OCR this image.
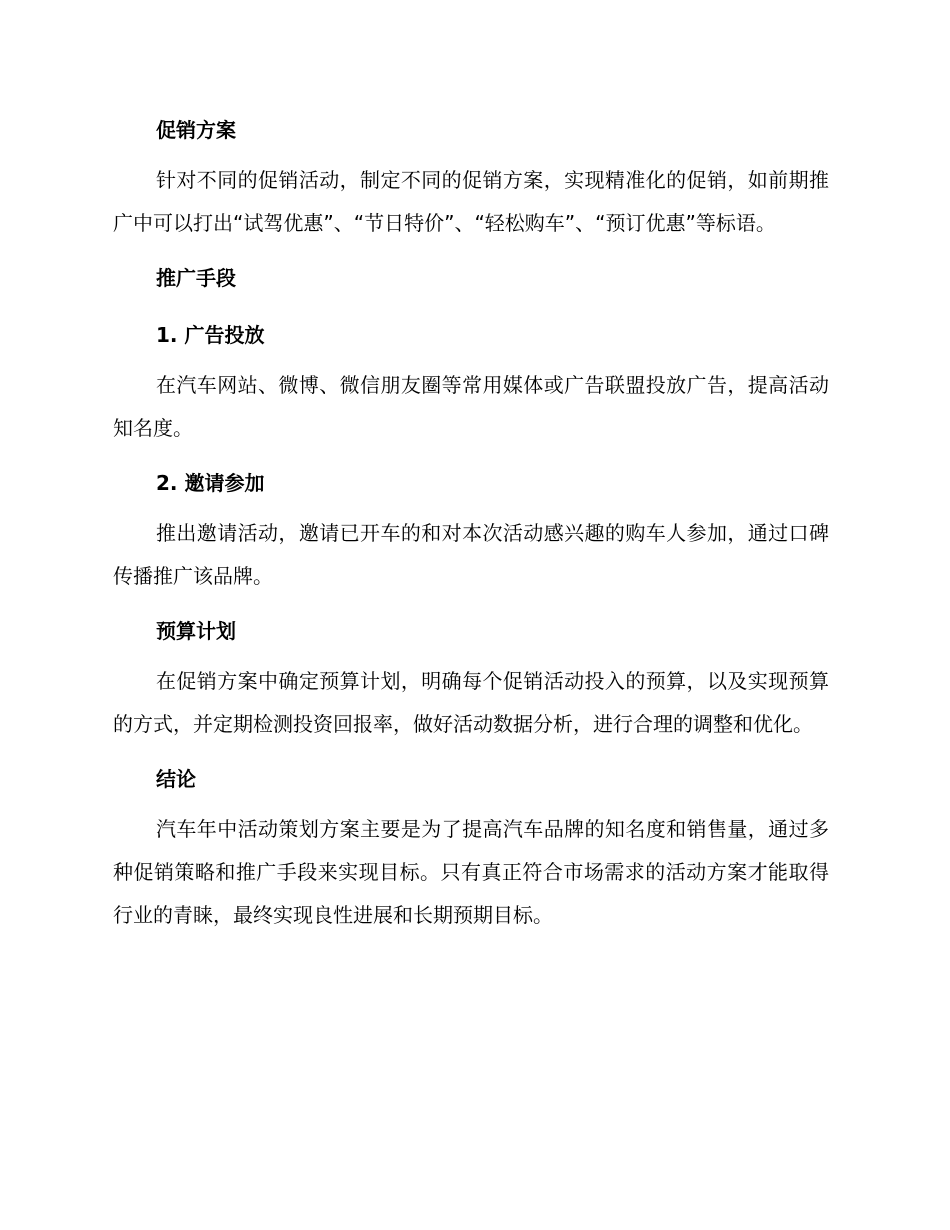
促销方案

针对不同的促销活动，制定不同的促销方案，实现精准化的促销，如前期推广中可以打出“试驾优惠”、“节日特价”、“轻松购车”、“预订优惠”等标语。

推广手段

1. 广告投放

在汽车网站、微博、微信朋友圈等常用媒体或广告联盟投放广告，提高活动知名度。

2. 邀请参加

推出邀请活动，邀请已开车的和对本次活动感兴趣的购车人参加，通过口碑传播推广该品牌。

预算计划

在促销方案中确定预算计划，明确每个促销活动投入的预算，以及实现预算的方式，并定期检测投资回报率，做好活动数据分析，进行合理的调整和优化。

结论

汽车年中活动策划方案主要是为了提高汽车品牌的知名度和销售量，通过多种促销策略和推广手段来实现目标。只有真正符合市场需求的活动方案才能取得行业的青睐，最终实现良性进展和长期预期目标。
